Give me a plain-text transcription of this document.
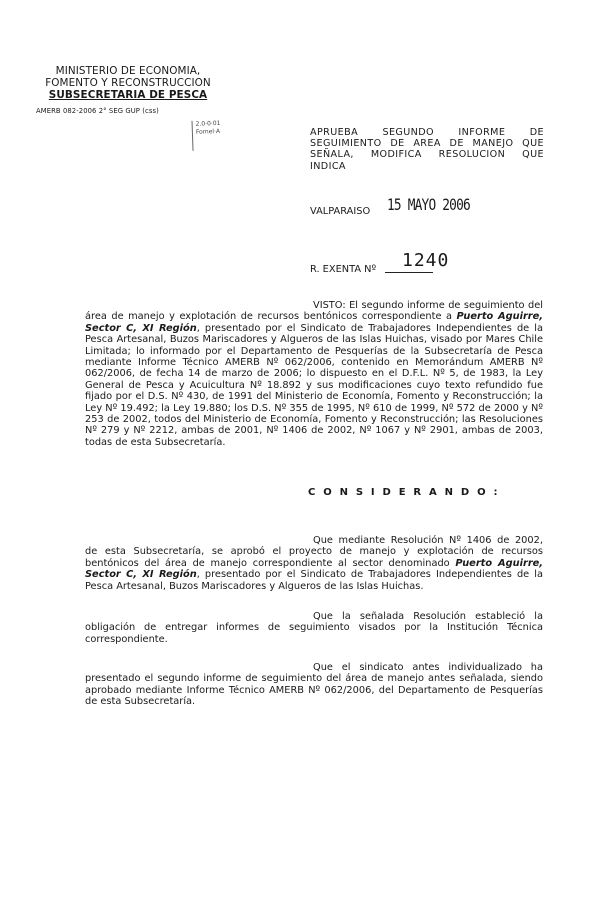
MINISTERIO DE ECONOMIA,
FOMENTO Y RECONSTRUCCION
SUBSECRETARIA DE PESCA
AMERB 082-2006 2° SEG GUP (css)
2.0·0·01
Fomel·A	APRUEBA SEGUNDO INFORME DE
SEGUIMIENTO DE AREA DE MANEJO QUE
SEÑALA, MODIFICA RESOLUCION QUE
INDICA
VALPARAISO 15 MAYO 2006
R. EXENTA Nº 1240
VISTO: El segundo informe de seguimiento del área de manejo y explotación de recursos bentónicos correspondiente a Puerto Aguirre, Sector C, XI Región, presentado por el Sindicato de Trabajadores Independientes de la Pesca Artesanal, Buzos Mariscadores y Algueros de las Islas Huichas, visado por Mares Chile Limitada; lo informado por el Departamento de Pesquerías de la Subsecretaría de Pesca mediante Informe Técnico AMERB Nº 062/2006, contenido en Memorándum AMERB Nº 062/2006, de fecha 14 de marzo de 2006; lo dispuesto en el D.F.L. Nº 5, de 1983, la Ley General de Pesca y Acuicultura Nº 18.892 y sus modificaciones cuyo texto refundido fue fijado por el D.S. Nº 430, de 1991 del Ministerio de Economía, Fomento y Reconstrucción; la Ley Nº 19.492; la Ley 19.880; los D.S. Nº 355 de 1995, Nº 610 de 1999, Nº 572 de 2000 y Nº 253 de 2002, todos del Ministerio de Economía, Fomento y Reconstrucción; las Resoluciones Nº 279 y Nº 2212, ambas de 2001, Nº 1406 de 2002, Nº 1067 y Nº 2901, ambas de 2003, todas de esta Subsecretaría.
C O N S I D E R A N D O :
Que mediante Resolución Nº 1406 de 2002, de esta Subsecretaría, se aprobó el proyecto de manejo y explotación de recursos bentónicos del área de manejo correspondiente al sector denominado Puerto Aguirre, Sector C, XI Región, presentado por el Sindicato de Trabajadores Independientes de la Pesca Artesanal, Buzos Mariscadores y Algueros de las Islas Huichas.
Que la señalada Resolución estableció la obligación de entregar informes de seguimiento visados por la Institución Técnica correspondiente.
Que el sindicato antes individualizado ha presentado el segundo informe de seguimiento del área de manejo antes señalada, siendo aprobado mediante Informe Técnico AMERB Nº 062/2006, del Departamento de Pesquerías de esta Subsecretaría.
